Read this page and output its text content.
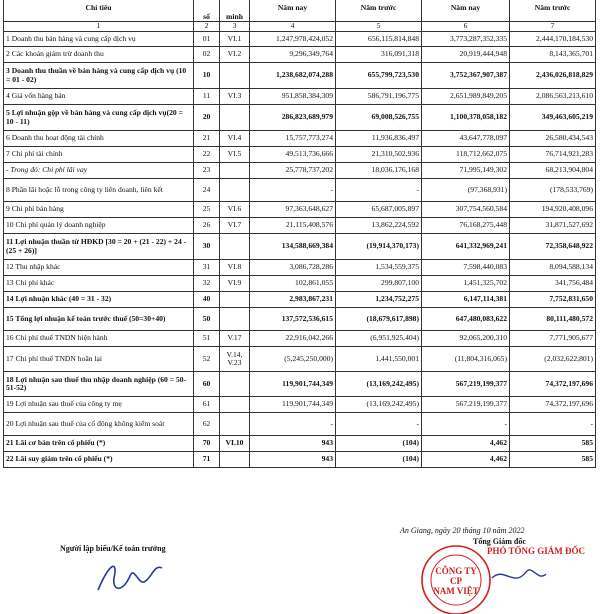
Chỉ tiêu	số	minh	Năm nay	Năm trước	Năm nay	Năm trước
1	2	3	4	5	6	7
1 Doanh thu bán hàng và cung cấp dịch vụ	01	VI.1	1,247,978,424,052	656,115,814,848	3,773,287,352,335	2,444,170,184,530
2 Các khoản giảm trừ doanh thu	02	VI.2	9,296,349,764	316,091,318	20,919,444,948	8,143,365,701
3 Doanh thu thuần về bán hàng và cung cấp dịch vụ (10 = 01 - 02)	10		1,238,682,074,288	655,799,723,530	3,752,367,907,387	2,436,026,818,829
4 Giá vốn hàng bán	11	VI.3	951,858,384,309	586,791,196,775	2,651,989,849,205	2,086,563,213,610
5 Lợi nhuận gộp về bán hàng và cung cấp dịch vụ(20 = 10 - 11)	20		286,823,689,979	69,008,526,755	1,100,378,058,182	349,463,605,219
6 Doanh thu hoạt động tài chính	21	VI.4	15,757,773,274	11,936,836,497	43,647,778,097	26,580,434,543
7 Chi phí tài chính	22	VI.5	49,513,736,666	21,310,502,936	118,712,662,075	76,714,921,283
- Trong đó: Chi phí lãi vay	23		25,778,737,202	18,036,176,168	71,995,149,302	68,213,904,804
8 Phần lãi hoặc lỗ trong công ty liên doanh, liên kết	24		-	-	(97,368,931)	(178,533,769)
9 Chi phí bán hàng	25	VI.6	97,363,648,627	65,687,005,897	307,754,560,584	194,920,408,096
10 Chi phí quản lý doanh nghiệp	26	VI.7	21,115,408,576	13,862,224,592	76,168,275,448	31,871,527,692
11 Lợi nhuận thuần từ HĐKD [30 = 20 + (21 - 22) + 24 - (25 + 26)]	30		134,588,669,384	(19,914,370,173)	641,332,969,241	72,358,648,922
12 Thu nhập khác	31	VI.8	3,086,728,286	1,534,559,375	7,598,440,083	8,094,588,134
13 Chi phí khác	32	VI.9	102,861,055	299,807,100	1,451,325,702	341,756,484
14 Lợi nhuận khác (40 = 31 - 32)	40		2,983,867,231	1,234,752,275	6,147,114,381	7,752,831,650
15 Tổng lợi nhuận kế toán trước thuế (50=30+40)	50		137,572,536,615	(18,679,617,898)	647,480,083,622	80,111,480,572
16 Chi phí thuế TNDN hiện hành	51	V.17	22,916,042,266	(6,951,925,404)	92,065,200,310	7,771,905,677
17 Chi phí thuế TNDN hoãn lại	52	V.14, V.23	(5,245,250,000)	1,441,550,001	(11,804,316,065)	(2,032,622,801)
18 Lợi nhuận sau thuế thu nhập doanh nghiệp (60 = 50-51-52)	60		119,901,744,349	(13,169,242,495)	567,219,199,377	74,372,197,696
19 Lợi nhuận sau thuế của công ty mẹ	61		119,901,744,349	(13,169,242,495)	567,219,199,377	74,372,197,696
20 Lợi nhuận sau thuế của cổ đông không kiểm soát	62		-	-	-	-
21 Lãi cơ bản trên cổ phiếu (*)	70	VI.10	943	(104)	4,462	585
22 Lãi suy giảm trên cổ phiếu (*)	71		943	(104)	4,462	585
An Giang, ngày 20 tháng 10 năm 2022
Tổng Giám đốc
Người lập biểu/Kế toán trưởng
CÔNG TY
CP
NAM VIỆT
PHÓ TỔNG GIÁM ĐỐC
